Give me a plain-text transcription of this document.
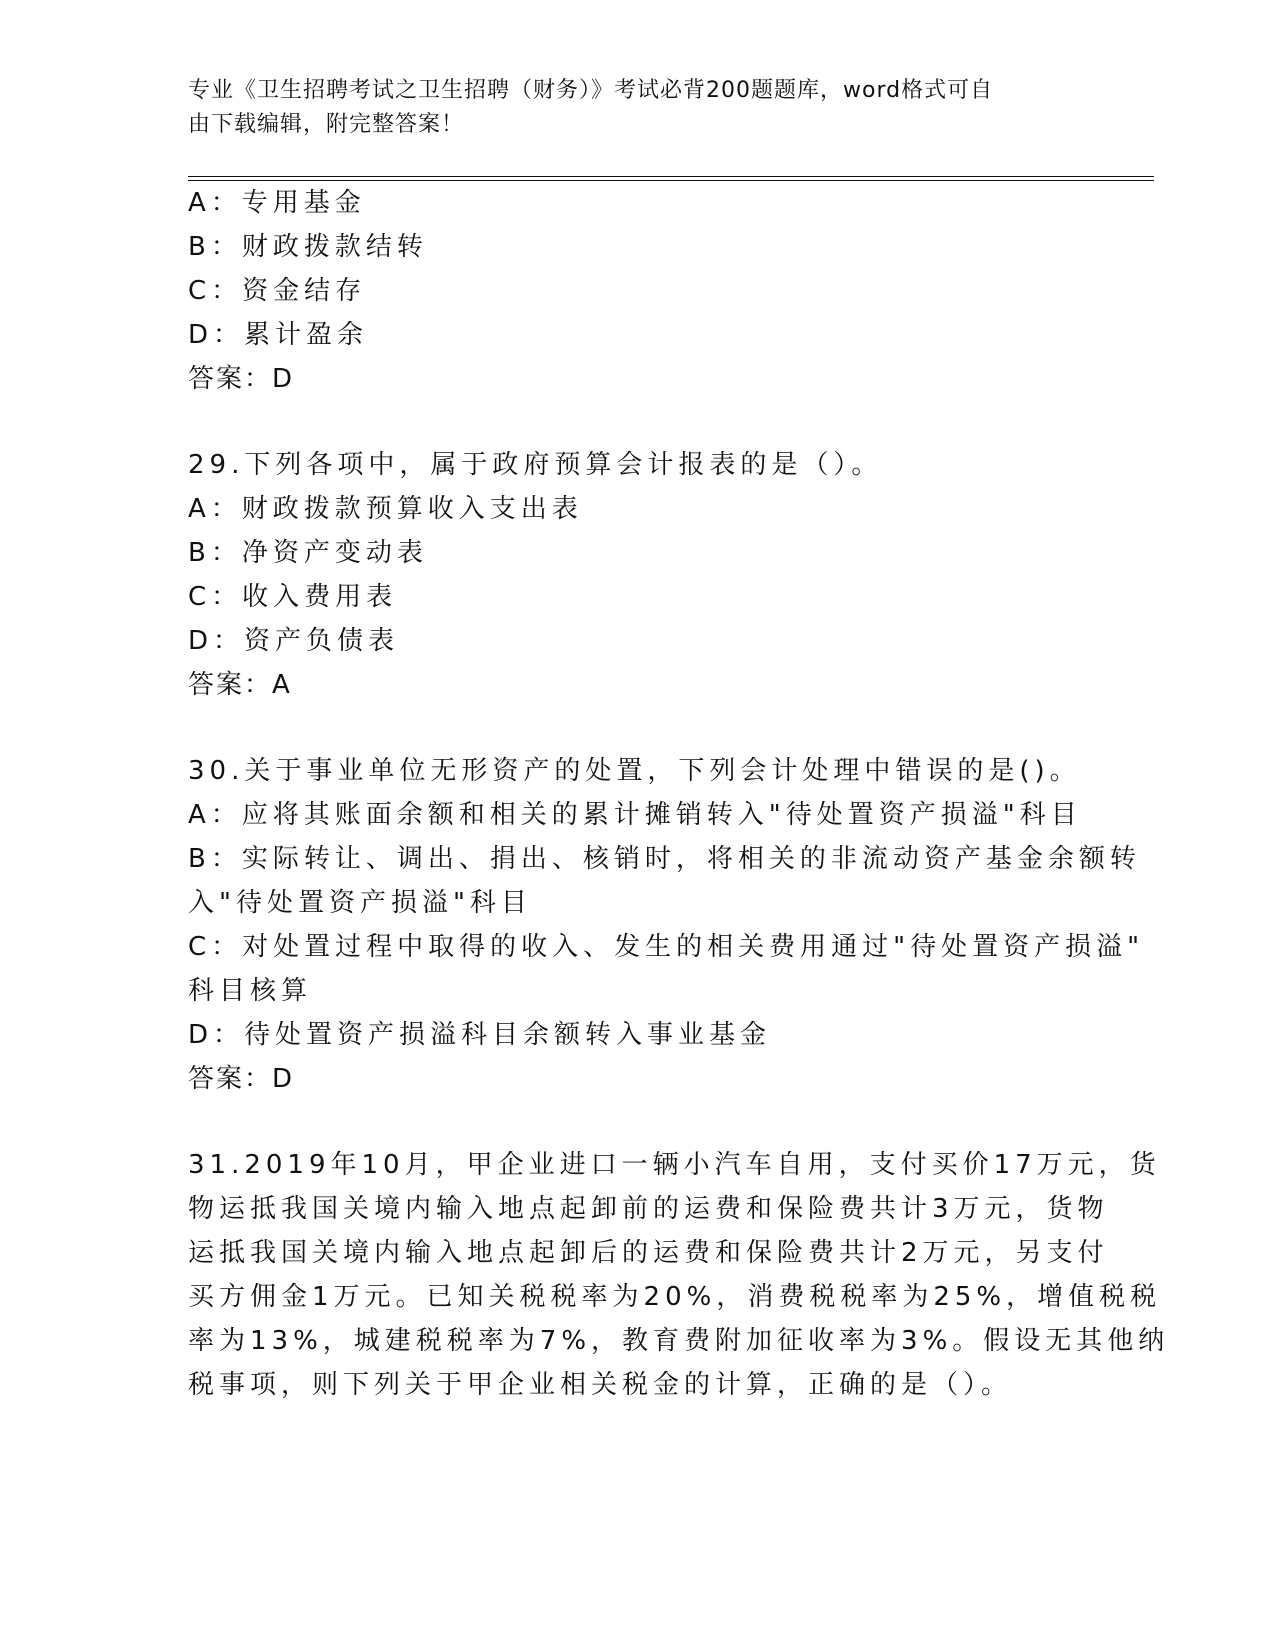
专业《卫生招聘考试之卫生招聘（财务）》考试必背200题题库，word格式可自
由下载编辑，附完整答案！
A：专用基金
B：财政拨款结转
C：资金结存
D：累计盈余
答案：D
29.下列各项中，属于政府预算会计报表的是（）。
A：财政拨款预算收入支出表
B：净资产变动表
C：收入费用表
D：资产负债表
答案：A
30.关于事业单位无形资产的处置，下列会计处理中错误的是()。
A：应将其账面余额和相关的累计摊销转入"待处置资产损溢"科目
B：实际转让、调出、捐出、核销时，将相关的非流动资产基金余额转
入"待处置资产损溢"科目
C：对处置过程中取得的收入、发生的相关费用通过"待处置资产损溢"
科目核算
D：待处置资产损溢科目余额转入事业基金
答案：D
31.2019年10月，甲企业进口一辆小汽车自用，支付买价17万元，货
物运抵我国关境内输入地点起卸前的运费和保险费共计3万元，货物
运抵我国关境内输入地点起卸后的运费和保险费共计2万元，另支付
买方佣金1万元。已知关税税率为20%，消费税税率为25%，增值税税
率为13%，城建税税率为7%，教育费附加征收率为3%。假设无其他纳
税事项，则下列关于甲企业相关税金的计算，正确的是（）。
